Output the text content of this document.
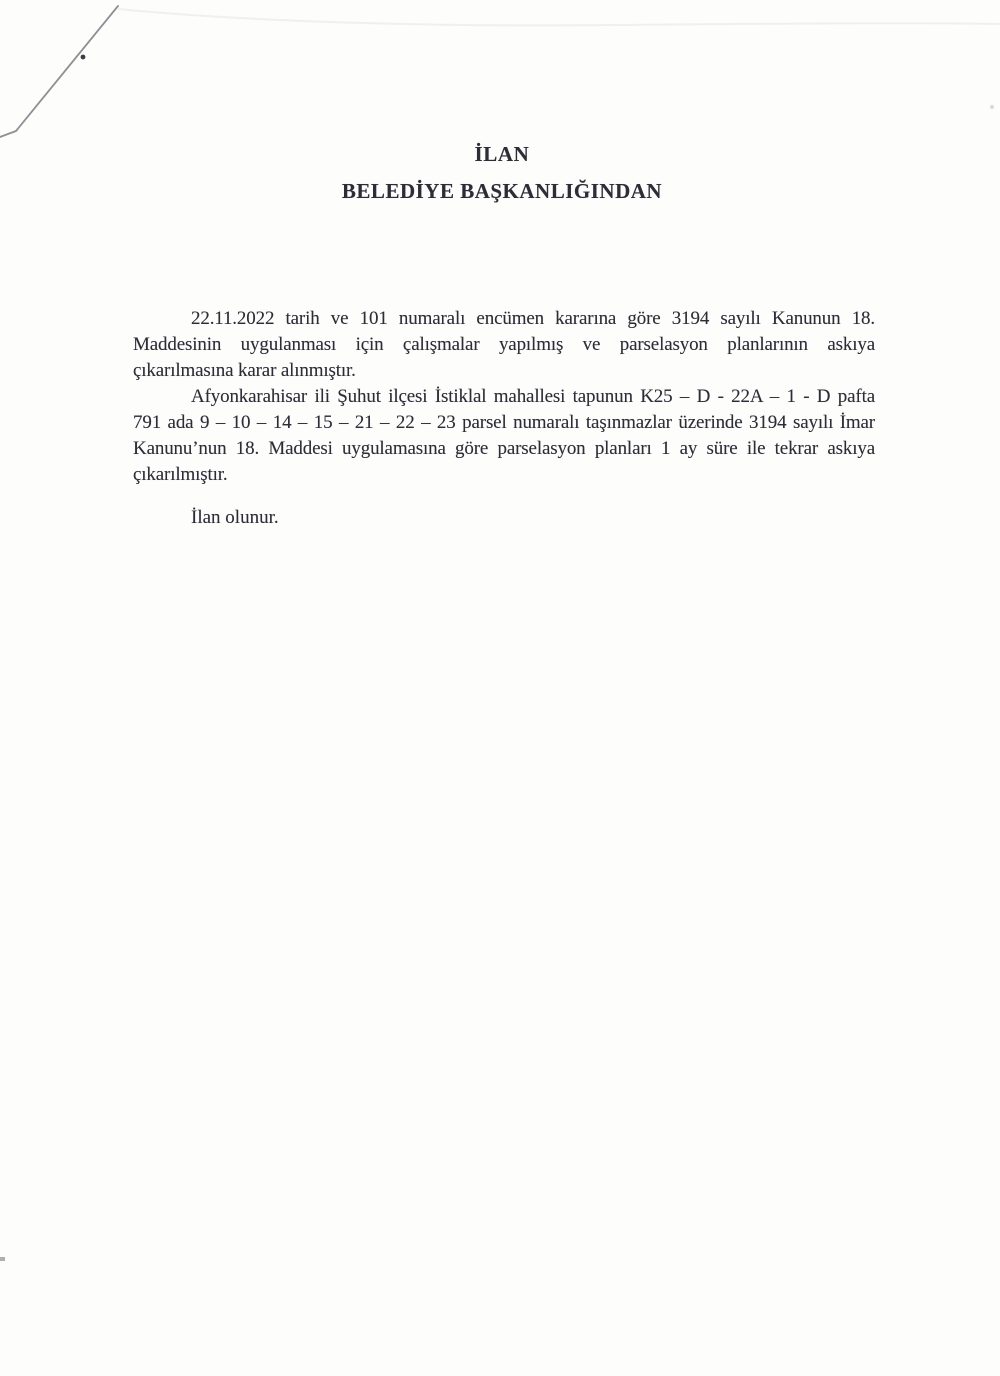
İLAN
BELEDİYE BAŞKANLIĞINDAN

22.11.2022 tarih ve 101 numaralı encümen kararına göre 3194 sayılı Kanunun 18.

Maddesinin uygulanması için çalışmalar yapılmış ve parselasyon planlarının askıya

çıkarılmasına karar alınmıştır.

Afyonkarahisar ili Şuhut ilçesi İstiklal mahallesi tapunun K25 – D - 22A – 1 - D pafta

791 ada 9 – 10 – 14 – 15 – 21 – 22 – 23 parsel numaralı taşınmazlar üzerinde 3194 sayılı İmar

Kanunu’nun 18. Maddesi uygulamasına göre parselasyon planları 1 ay süre ile tekrar askıya

çıkarılmıştır.

İlan olunur.
